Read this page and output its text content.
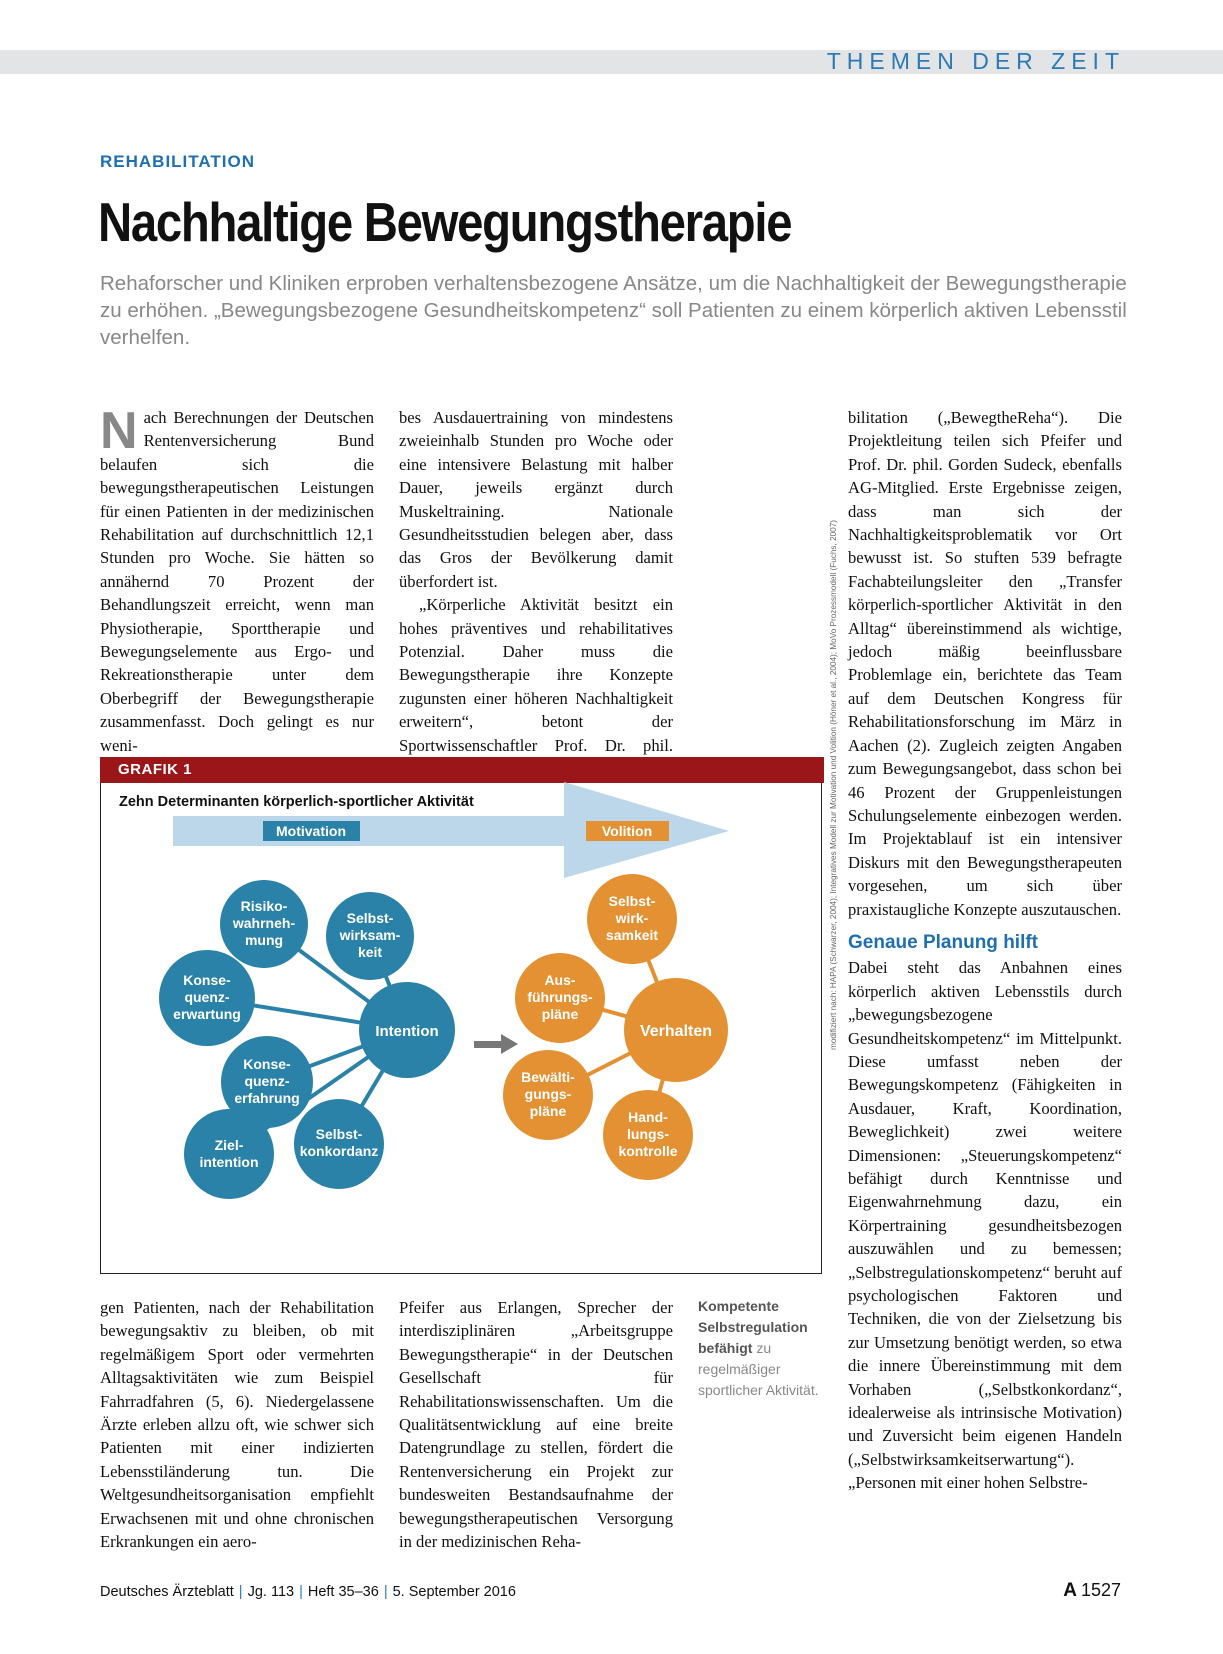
THEMEN DER ZEIT
REHABILITATION
Nachhaltige Bewegungstherapie
Rehaforscher und Kliniken erproben verhaltensbezogene Ansätze, um die Nachhaltigkeit der Bewegungstherapie zu erhöhen. „Bewegungsbezogene Gesundheitskompetenz“ soll Patienten zu einem körperlich aktiven Lebensstil verhelfen.

Nach Berechnungen der Deutschen Rentenversicherung Bund belaufen sich die bewegungstherapeutischen Leistungen für einen Patienten in der medizinischen Rehabilitation auf durchschnittlich 12,1 Stunden pro Woche. Sie hätten so annähernd 70 Prozent der Behandlungszeit erreicht, wenn man Physiotherapie, Sporttherapie und Bewegungselemente aus Ergo- und Rekreationstherapie unter dem Oberbegriff der Bewegungstherapie zusammenfasst. Doch gelingt es nur weni-

bes Ausdauertraining von mindestens zweieinhalb Stunden pro Woche oder eine intensivere Belastung mit halber Dauer, jeweils ergänzt durch Muskeltraining. Nationale Gesundheitsstudien belegen aber, dass das Gros der Bevölkerung damit überfordert ist.

„Körperliche Aktivität besitzt ein hohes präventives und rehabilitatives Potenzial. Daher muss die Bewegungstherapie ihre Konzepte zugunsten einer höheren Nachhaltigkeit erweitern“, betont der Sportwissenschaftler Prof. Dr. phil.

bilitation („BewegtheReha“). Die Projektleitung teilen sich Pfeifer und Prof. Dr. phil. Gorden Sudeck, ebenfalls AG-Mitglied. Erste Ergebnisse zeigen, dass man sich der Nachhaltigkeitsproblematik vor Ort bewusst ist. So stuften 539 befragte Fachabteilungsleiter den „Transfer körperlich-sportlicher Aktivität in den Alltag“ übereinstimmend als wichtige, jedoch mäßig beeinflussbare Problemlage ein, berichtete das Team auf dem Deutschen Kongress für Rehabilitationsforschung im März in Aachen (2). Zugleich zeigten Angaben zum Bewegungsangebot, dass schon bei 46 Prozent der Gruppenleistungen Schulungselemente einbezogen werden. Im Projektablauf ist ein intensiver Diskurs mit den Bewegungstherapeuten vorgesehen, um sich über praxistaugliche Konzepte auszutauschen.

Genaue Planung hilft

Dabei steht das Anbahnen eines körperlich aktiven Lebensstils durch „bewegungsbezogene Gesundheitskompetenz“ im Mittelpunkt. Diese umfasst neben der Bewegungskompetenz (Fähigkeiten in Ausdauer, Kraft, Koordination, Beweglichkeit) zwei weitere Dimensionen: „Steuerungskompetenz“ befähigt durch Kenntnisse und Eigenwahrnehmung dazu, ein Körpertraining gesundheitsbezogen auszuwählen und zu bemessen; „Selbstregulationskompetenz“ beruht auf psychologischen Faktoren und Techniken, die von der Zielsetzung bis zur Umsetzung benötigt werden, so etwa die innere Übereinstimmung mit dem Vorhaben („Selbstkonkordanz“, idealerweise als intrinsische Motivation) und Zuversicht beim eigenen Handeln („Selbstwirksamkeitserwartung“). „Personen mit einer hohen Selbstre-

GRAFIK 1
Zehn Determinanten körperlich-sportlicher Aktivität
Motivation	Volition
Risiko-wahrneh-mung
Selbst-wirksam-keit
Konse-quenz-erwartung
Intention
Konse-quenz-erfahrung
Ziel-intention
Selbst-konkordanz
Selbst-wirk-samkeit
Aus-führungs-pläne
Verhalten
Bewälti-gungs-pläne	Hand-lungs-kontrolle
modifiziert nach: HAPA (Schwarzer, 2004); Integratives Modell zur Motivation und Volition (Höner et al., 2004); MoVo Prozessmodell (Fuchs, 2007)

gen Patienten, nach der Rehabilitation bewegungsaktiv zu bleiben, ob mit regelmäßigem Sport oder vermehrten Alltagsaktivitäten wie zum Beispiel Fahrradfahren (5, 6). Niedergelassene Ärzte erleben allzu oft, wie schwer sich Patienten mit einer indizierten Lebensstiländerung tun. Die Weltgesundheitsorganisation empfiehlt Erwachsenen mit und ohne chronischen Erkrankungen ein aero-

Pfeifer aus Erlangen, Sprecher der interdisziplinären „Arbeitsgruppe Bewegungstherapie“ in der Deutschen Gesellschaft für Rehabilitationswissenschaften. Um die Qualitätsentwicklung auf eine breite Datengrundlage zu stellen, fördert die Rentenversicherung ein Projekt zur bundesweiten Bestandsaufnahme der bewegungstherapeutischen Versorgung in der medizinischen Reha-

Kompetente Selbstregulation befähigt zu regelmäßiger sportlicher Aktivität.
Deutsches Ärzteblatt | Jg. 113 | Heft 35–36 | 5. September 2016	A 1527
